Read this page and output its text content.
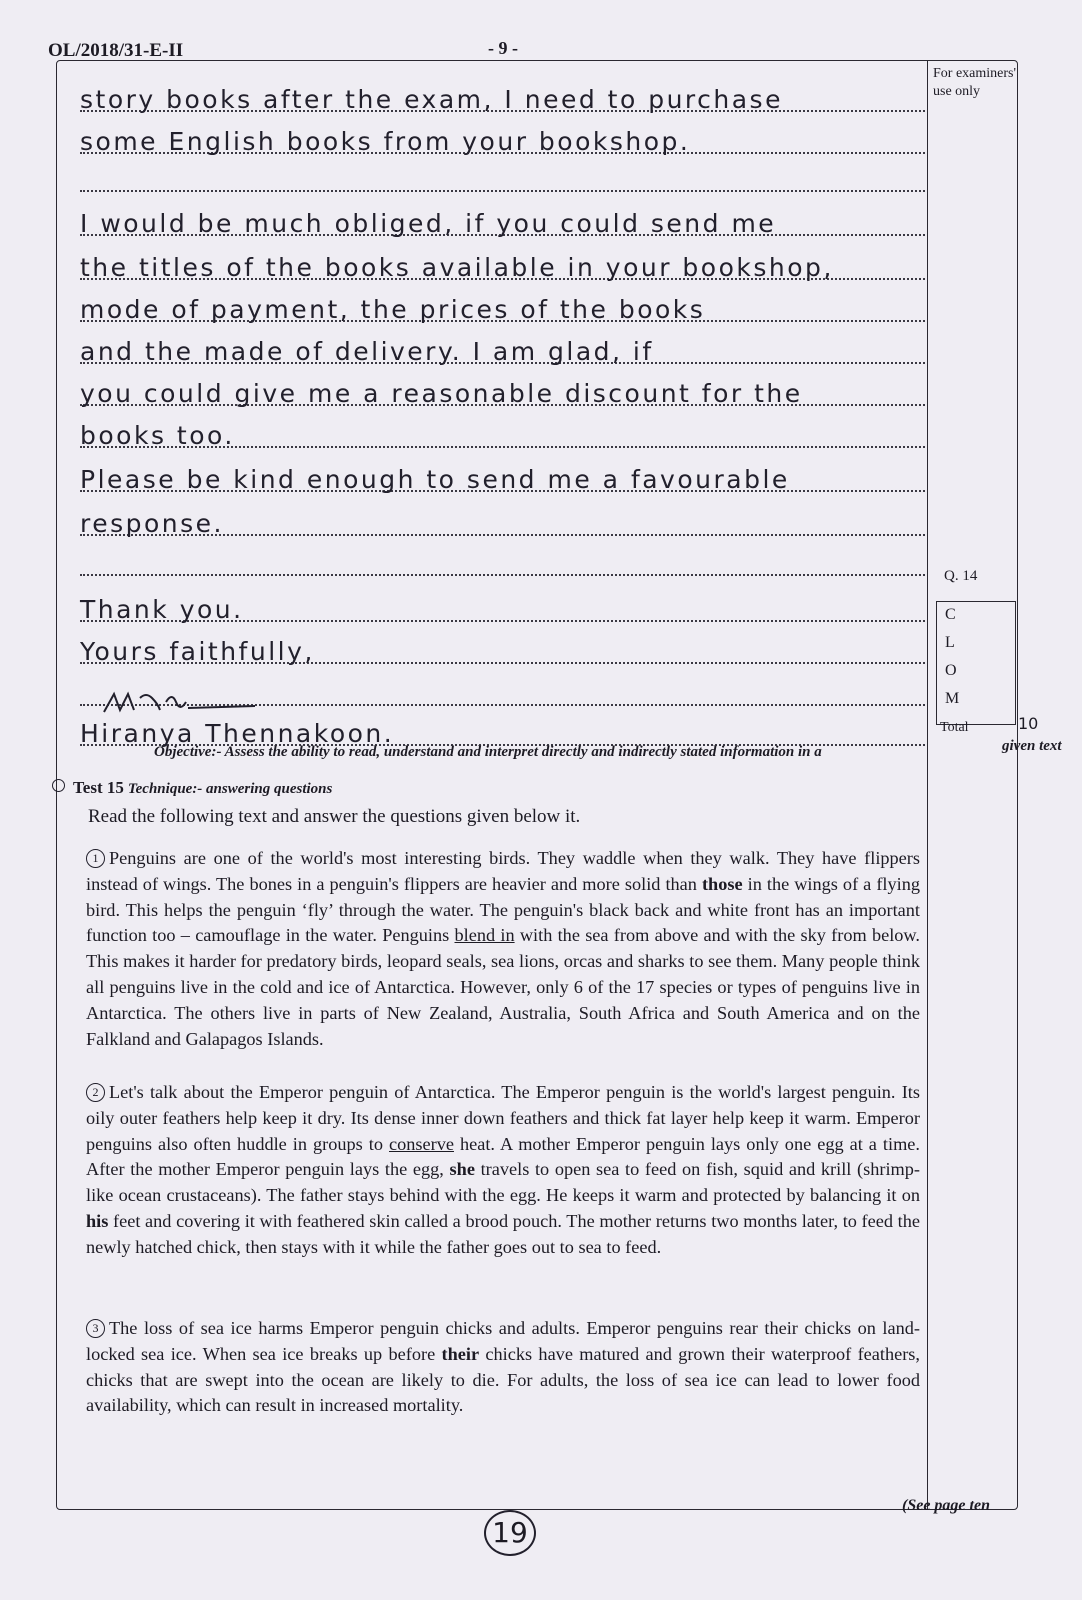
OL/2018/31-E-II	- 9 -
For examiners' use only
story books after the exam, I need to purchase
some English books from your bookshop.
I would be much obliged, if you could send me
the titles of the books available in your bookshop,
mode of payment, the prices of the books
and the made of delivery. I am glad, if
you could give me a reasonable discount for the
books too.
Please be kind enough to send me a favourable
response.
Thank you.
Yours faithfully,
Hiranya Thennakoon.
Q. 14
C
L
O
M
Total	10
Objective:- Assess the ability to read, understand and interpret directly and indirectly stated information in a	given text
Test 15 Technique:- answering questions
Read the following text and answer the questions given below it.
1 Penguins are one of the world's most interesting birds. They waddle when they walk. They have flippers instead of wings. The bones in a penguin's flippers are heavier and more solid than those in the wings of a flying bird. This helps the penguin ‘fly’ through the water. The penguin's black back and white front has an important function too – camouflage in the water. Penguins blend in with the sea from above and with the sky from below. This makes it harder for predatory birds, leopard seals, sea lions, orcas and sharks to see them. Many people think all penguins live in the cold and ice of Antarctica. However, only 6 of the 17 species or types of penguins live in Antarctica. The others live in parts of New Zealand, Australia, South Africa and South America and on the Falkland and Galapagos Islands.
2 Let's talk about the Emperor penguin of Antarctica. The Emperor penguin is the world's largest penguin. Its oily outer feathers help keep it dry. Its dense inner down feathers and thick fat layer help keep it warm. Emperor penguins also often huddle in groups to conserve heat. A mother Emperor penguin lays only one egg at a time. After the mother Emperor penguin lays the egg, she travels to open sea to feed on fish, squid and krill (shrimp-like ocean crustaceans). The father stays behind with the egg. He keeps it warm and protected by balancing it on his feet and covering it with feathered skin called a brood pouch. The mother returns two months later, to feed the newly hatched chick, then stays with it while the father goes out to sea to feed.
3 The loss of sea ice harms Emperor penguin chicks and adults. Emperor penguins rear their chicks on land-locked sea ice. When sea ice breaks up before their chicks have matured and grown their waterproof feathers, chicks that are swept into the ocean are likely to die. For adults, the loss of sea ice can lead to lower food availability, which can result in increased mortality.
19
(See page ten
